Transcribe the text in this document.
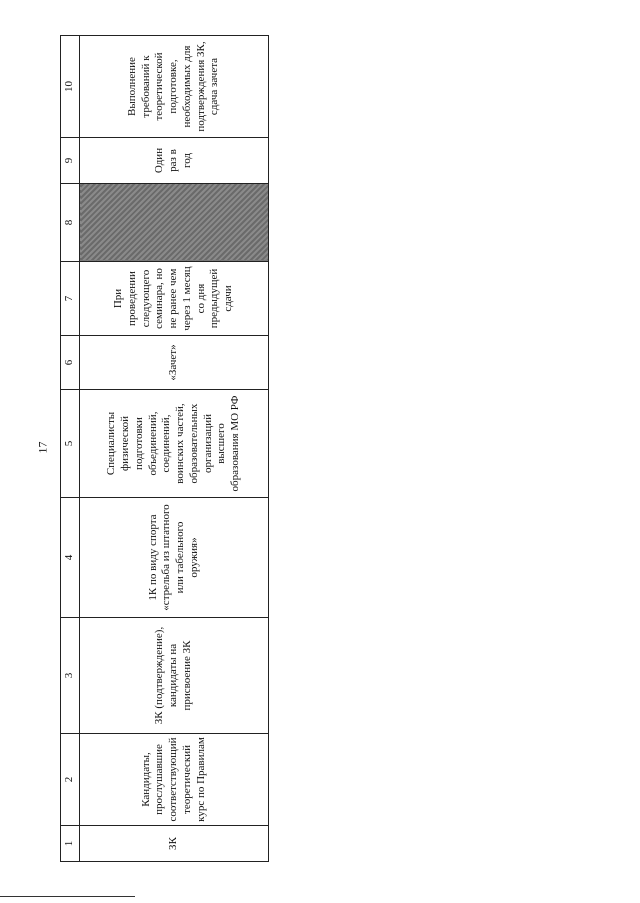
17
1	2	3	4	5	6	7	8	9	10

ЗК	Кандидаты, прослушавшие соответствующий теоретический курс по Правилам	ЗК (подтверждение), кандидаты на присвоение ЗК	1К по виду спорта «стрельба из штатного или табельного оружия»	Специалисты физической подготовки объединений, соединений, воинских частей, образовательных организаций высшего образования МО РФ	«Зачет»	При проведении следующего семинара, но не ранее чем через 1 месяц со дня предыдущей сдачи		Один раз в год	Выполнение требований к теоретической подготовке, необходимых для подтверждения ЗК, сдача зачета
